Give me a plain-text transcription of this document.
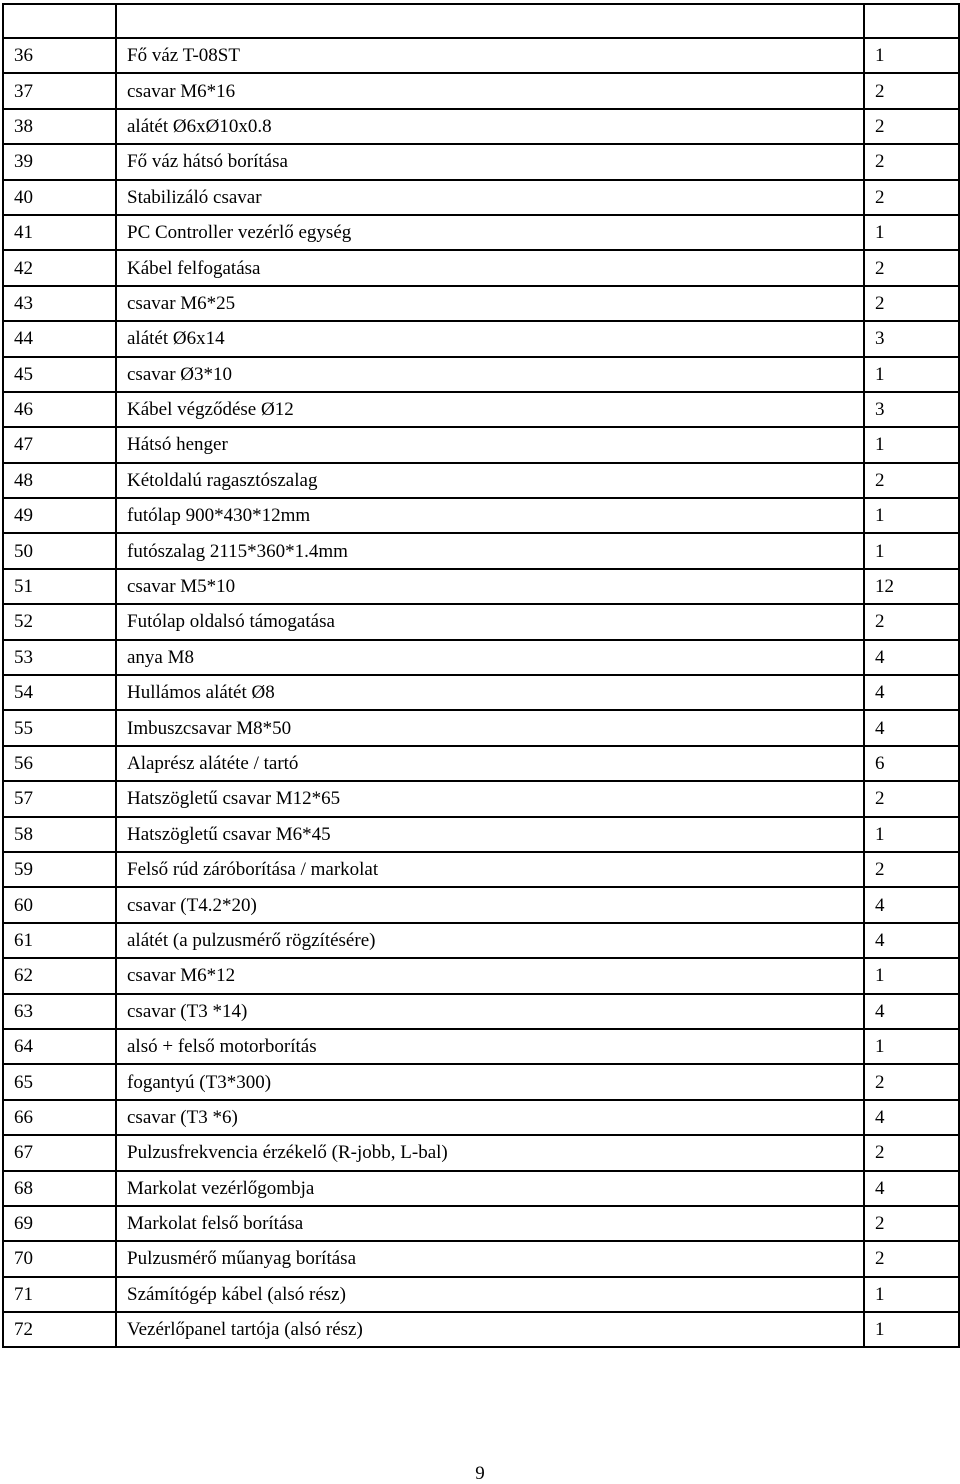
36	Fő váz T-08ST	1
37	csavar M6*16	2
38	alátét Ø6xØ10x0.8	2
39	Fő váz hátsó borítása	2
40	Stabilizáló csavar	2
41	PC Controller vezérlő egység	1
42	Kábel felfogatása	2
43	csavar M6*25	2
44	alátét Ø6x14	3
45	csavar Ø3*10	1
46	Kábel végződése Ø12	3
47	Hátsó henger	1
48	Kétoldalú ragasztószalag	2
49	futólap 900*430*12mm	1
50	futószalag 2115*360*1.4mm	1
51	csavar M5*10	12
52	Futólap oldalsó támogatása	2
53	anya M8	4
54	Hullámos alátét Ø8	4
55	Imbuszcsavar M8*50	4
56	Alaprész alátéte / tartó	6
57	Hatszögletű csavar M12*65	2
58	Hatszögletű csavar M6*45	1
59	Felső rúd záróborítása / markolat	2
60	csavar (T4.2*20)	4
61	alátét (a pulzusmérő rögzítésére)	4
62	csavar M6*12	1
63	csavar (T3 *14)	4
64	alsó + felső motorborítás	1
65	fogantyú (T3*300)	2
66	csavar (T3 *6)	4
67	Pulzusfrekvencia érzékelő (R-jobb, L-bal)	2
68	Markolat vezérlőgombja	4
69	Markolat felső borítása	2
70	Pulzusmérő műanyag borítása	2
71	Számítógép kábel (alsó rész)	1
72	Vezérlőpanel tartója (alsó rész)	1
9
